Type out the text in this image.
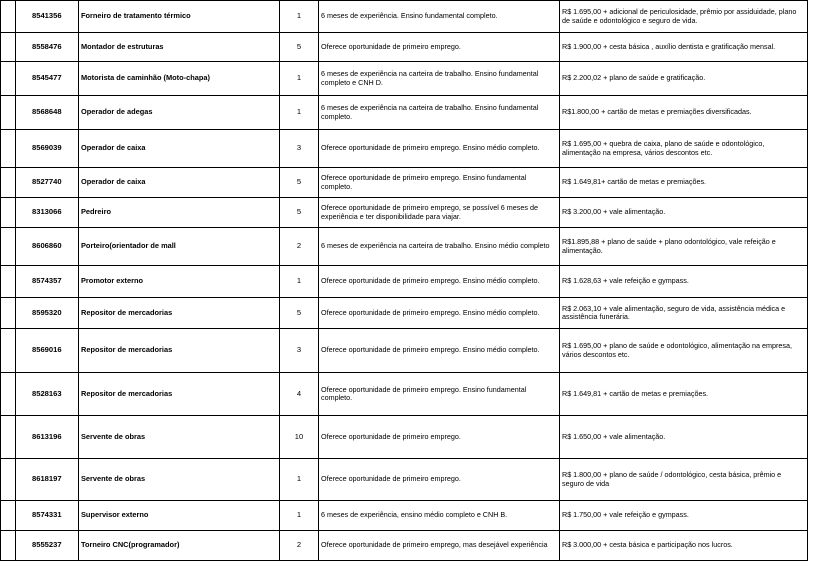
	8541356	Forneiro de tratamento térmico	1	6 meses de experiência. Ensino fundamental completo.	R$ 1.695,00 + adicional de periculosidade, prêmio por assiduidade, plano de saúde e odontológico e seguro de vida.
	8558476	Montador de estruturas	5	Oferece oportunidade de primeiro emprego.	R$ 1.900,00 + cesta básica , auxílio dentista e gratificação mensal.
	8545477	Motorista de caminhão (Moto-chapa)	1	6 meses de experiência na carteira de trabalho. Ensino fundamental completo e CNH D.	R$ 2.200,02 + plano de saúde e gratificação.
	8568648	Operador de adegas	1	6 meses de experiência na carteira de trabalho. Ensino fundamental completo.	R$1.800,00 + cartão de metas e premiações diversificadas.
	8569039	Operador de caixa	3	Oferece oportunidade de primeiro emprego. Ensino médio completo.	R$ 1.695,00 + quebra de caixa, plano de saúde e odontológico, alimentação na empresa, vários descontos etc.
	8527740	Operador de caixa	5	Oferece oportunidade de primeiro emprego. Ensino fundamental completo.	R$ 1.649,81+ cartão de metas e premiações.
	8313066	Pedreiro	5	Oferece oportunidade de primeiro emprego, se possível 6 meses de experiência e ter disponibilidade para viajar.	R$ 3.200,00 + vale alimentação.
	8606860	Porteiro(orientador de mall	2	6 meses de experiência na carteira de trabalho. Ensino médio completo	R$1.895,88 + plano de saúde + plano odontológico, vale refeição e alimentação.
	8574357	Promotor externo	1	Oferece oportunidade de primeiro emprego. Ensino médio completo.	R$ 1.628,63 + vale refeição e gympass.
	8595320	Repositor de mercadorias	5	Oferece oportunidade de primeiro emprego. Ensino médio completo.	R$ 2.063,10 + vale alimentação, seguro de vida, assistência médica e assistência funerária.
	8569016	Repositor de mercadorias	3	Oferece oportunidade de primeiro emprego. Ensino médio completo.	R$ 1.695,00 + plano de saúde e odontológico, alimentação na empresa, vários descontos etc.
	8528163	Repositor de mercadorias	4	Oferece oportunidade de primeiro emprego. Ensino fundamental completo.	R$ 1.649,81 + cartão de metas e premiações.
	8613196	Servente de obras	10	Oferece oportunidade de primeiro emprego.	R$ 1.650,00 + vale alimentação.
	8618197	Servente de obras	1	Oferece oportunidade de primeiro emprego.	R$ 1.800,00 + plano de saúde / odontológico, cesta básica, prêmio e seguro de vida
	8574331	Supervisor externo	1	6 meses de experiência, ensino médio completo e CNH B.	R$ 1.750,00 + vale refeição e gympass.
	8555237	Torneiro CNC(programador)	2	Oferece oportunidade de primeiro emprego, mas desejável experiência	R$ 3.000,00 + cesta básica e participação nos lucros.
